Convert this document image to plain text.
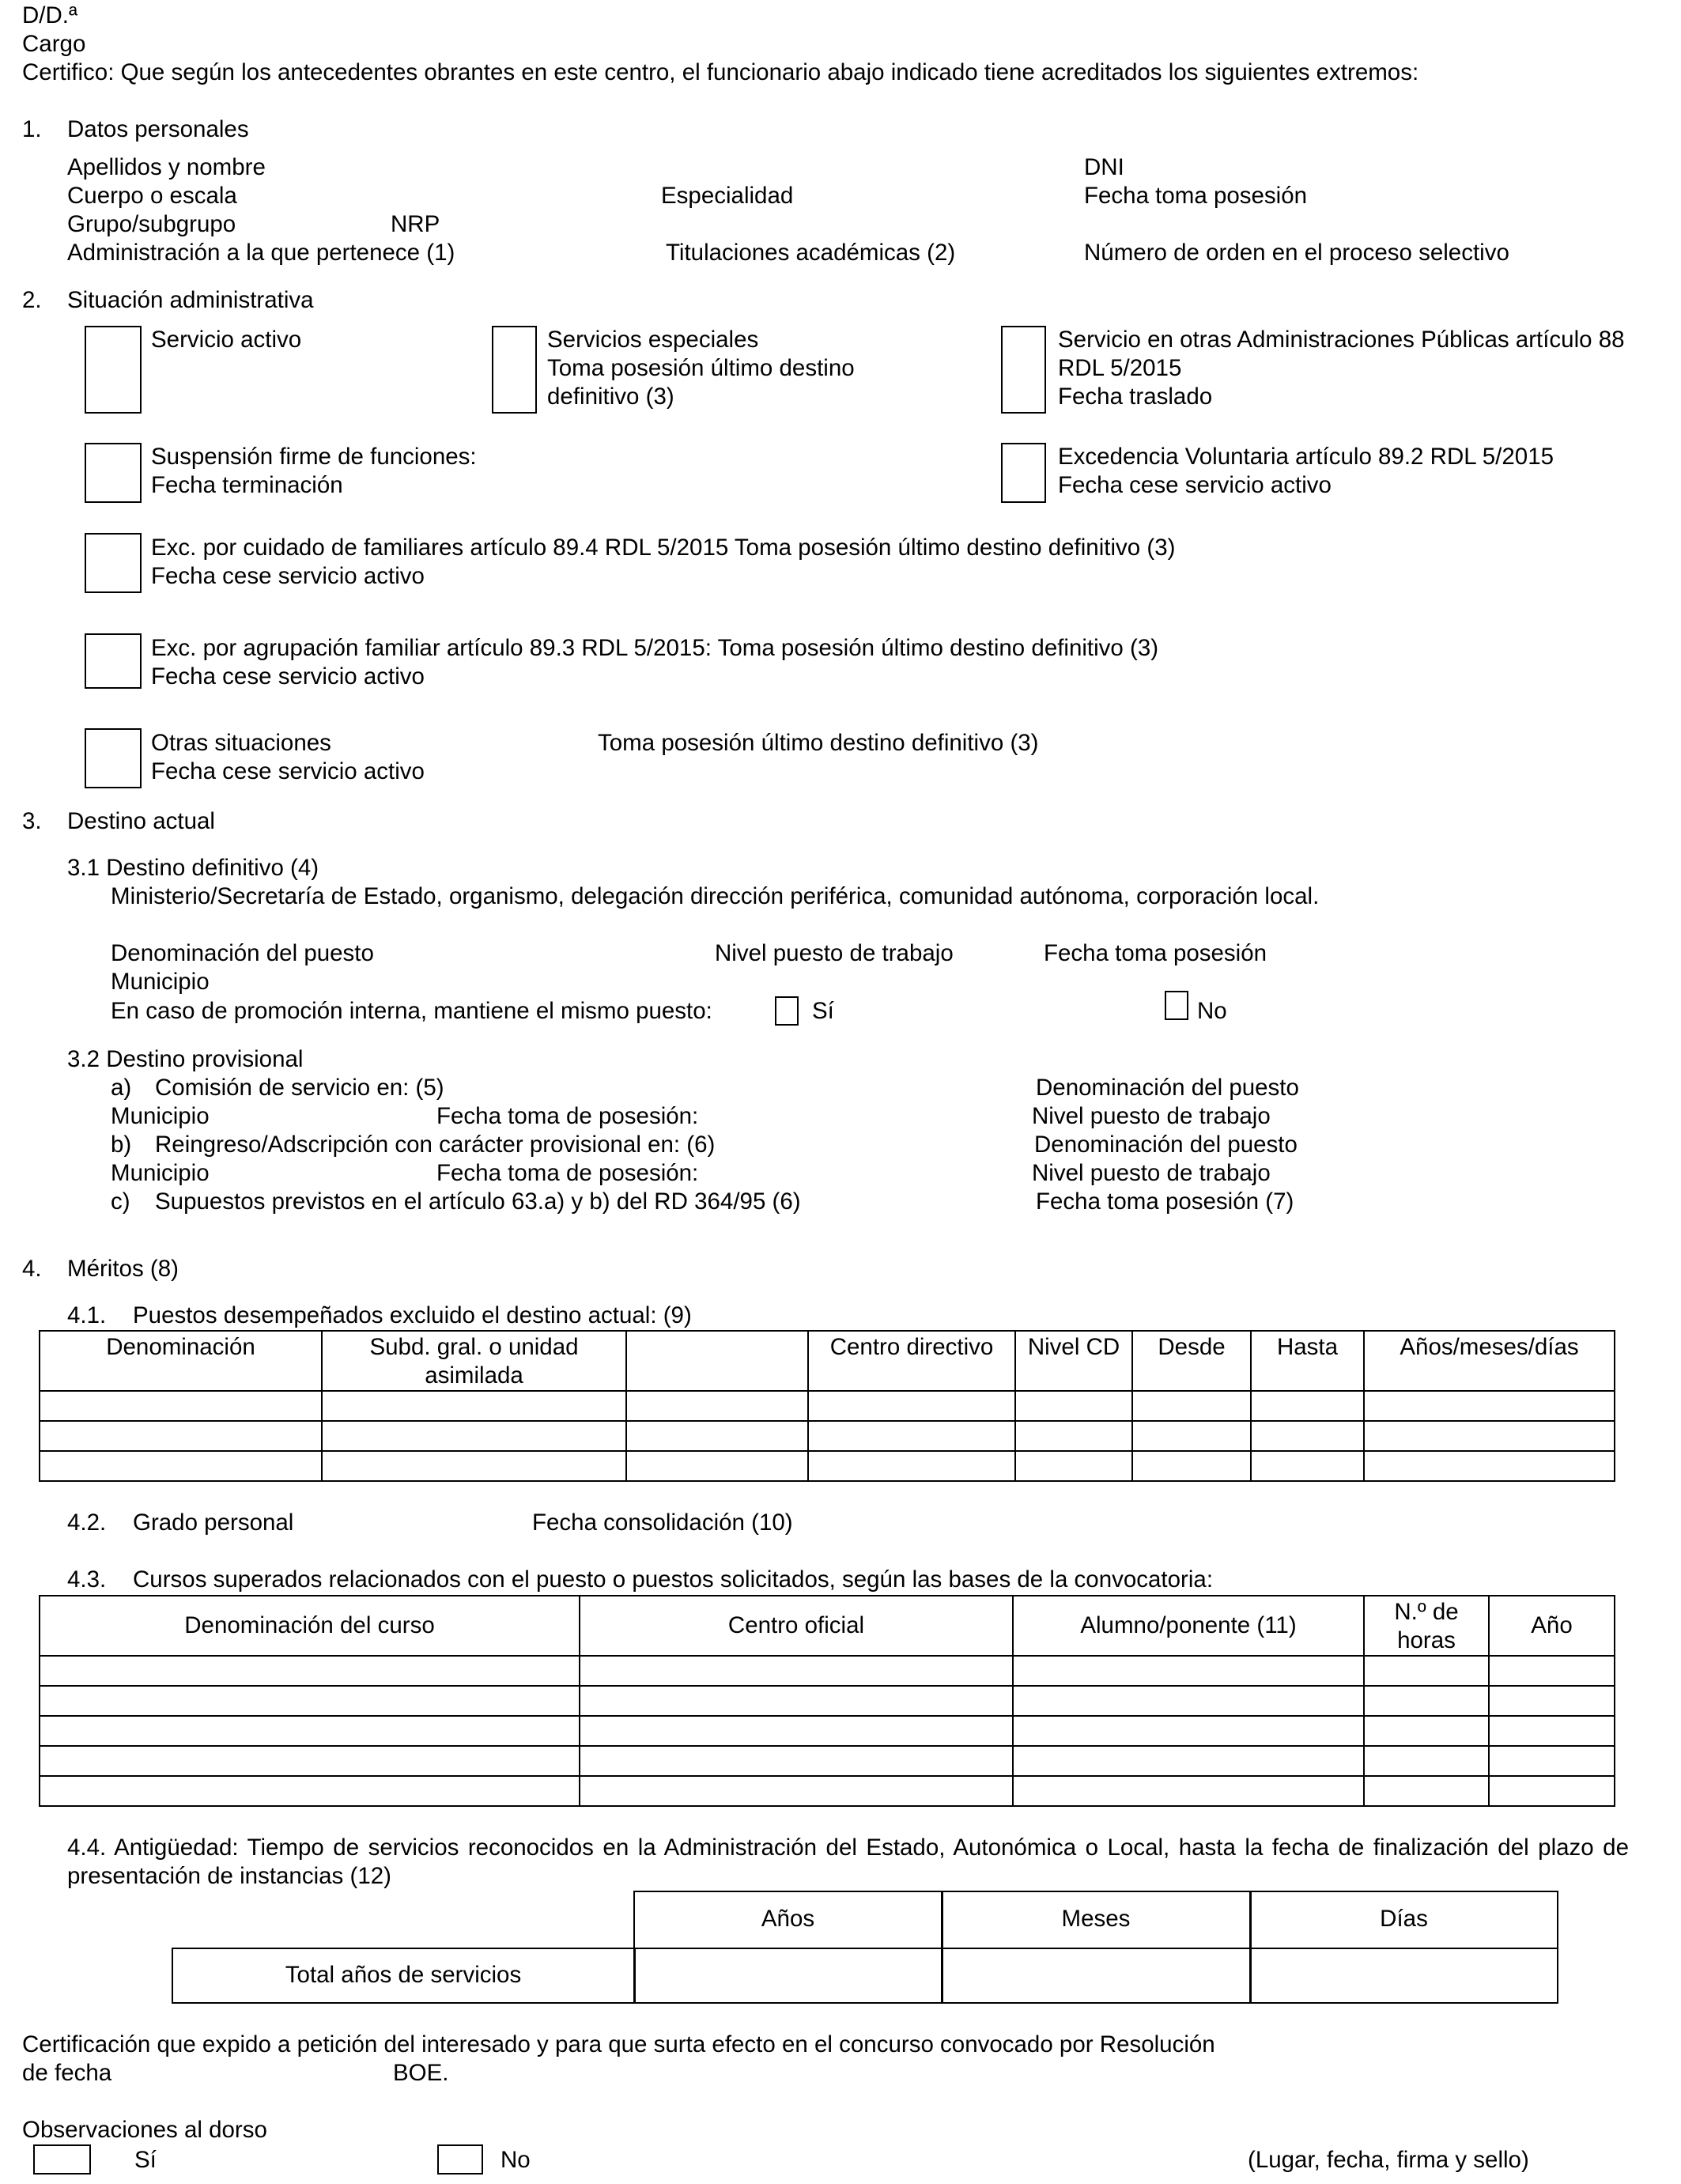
D/D.ª
Cargo
Certifico: Que según los antecedentes obrantes en este centro, el funcionario abajo indicado tiene acreditados los siguientes extremos:
1. Datos personales
Apellidos y nombre	DNI
Cuerpo o escala	Especialidad	Fecha toma posesión
Grupo/subgrupo	NRP
Administración a la que pertenece (1)	Titulaciones académicas (2)	Número de orden en el proceso selectivo
2. Situación administrativa
Servicio activo	Servicios especiales
Toma posesión último destino
definitivo (3)
Servicio en otras Administraciones Públicas artículo 88
RDL 5/2015
Fecha traslado
Suspensión firme de funciones:
Fecha terminación
Excedencia Voluntaria artículo 89.2 RDL 5/2015
Fecha cese servicio activo
Exc. por cuidado de familiares artículo 89.4 RDL 5/2015 Toma posesión último destino definitivo (3)
Fecha cese servicio activo
Exc. por agrupación familiar artículo 89.3 RDL 5/2015: Toma posesión último destino definitivo (3)
Fecha cese servicio activo
Otras situaciones	Toma posesión último destino definitivo (3)
Fecha cese servicio activo
3. Destino actual
3.1 Destino definitivo (4)
Ministerio/Secretaría de Estado, organismo, delegación dirección periférica, comunidad autónoma, corporación local.
Denominación del puesto	Nivel puesto de trabajo	Fecha toma posesión
Municipio
En caso de promoción interna, mantiene el mismo puesto:	Sí	No
3.2 Destino provisional
a) Comisión de servicio en: (5)	Denominación del puesto
Municipio	Fecha toma de posesión:	Nivel puesto de trabajo
b) Reingreso/Adscripción con carácter provisional en: (6)	Denominación del puesto
Municipio	Fecha toma de posesión:	Nivel puesto de trabajo
c) Supuestos previstos en el artículo 63.a) y b) del RD 364/95 (6)	Fecha toma posesión (7)
4. Méritos (8)
4.1. Puestos desempeñados excluido el destino actual: (9)
Denominación	Subd. gral. o unidad asimilada		Centro directivo	Nivel CD	Desde	Hasta	Años/meses/días

4.2. Grado personal	Fecha consolidación (10)
4.3. Cursos superados relacionados con el puesto o puestos solicitados, según las bases de la convocatoria:
Denominación del curso	Centro oficial	Alumno/ponente (11)	N.º de horas	Año

4.4. Antigüedad: Tiempo de servicios reconocidos en la Administración del Estado, Autonómica o Local, hasta la fecha de finalización del plazo de presentación de instancias (12)
Años	Meses	Días
Total años de servicios
Certificación que expido a petición del interesado y para que surta efecto en el concurso convocado por Resolución
de fecha	BOE.
Observaciones al dorso
Sí	No	(Lugar, fecha, firma y sello)
